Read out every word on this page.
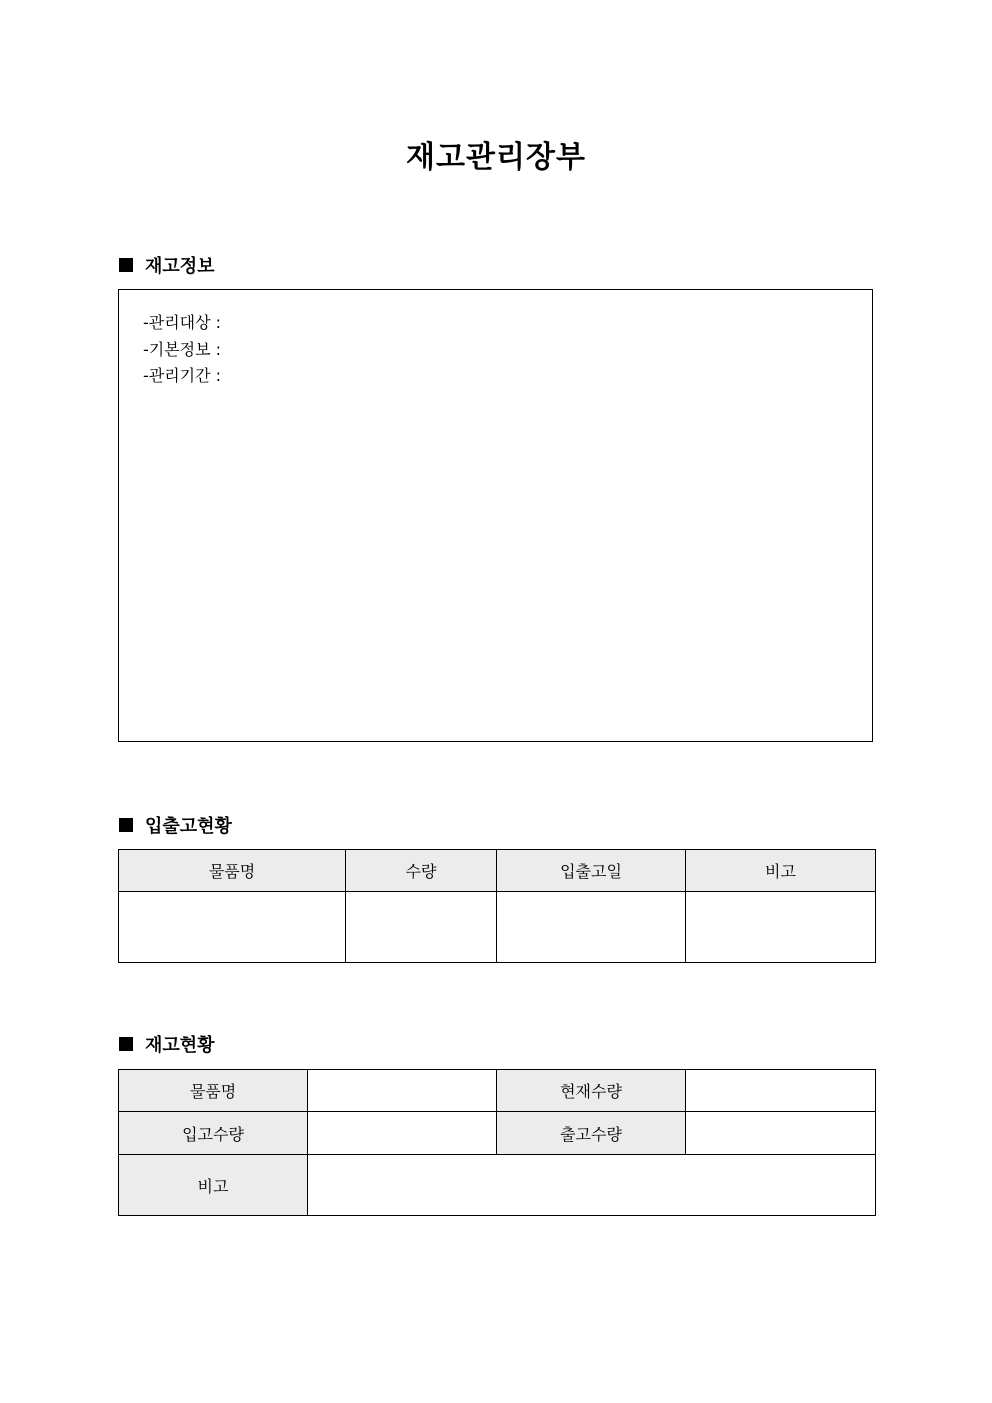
재고관리장부
재고정보
-관리대상 :
-기본정보 :
-관리기간 :
입출고현황
물품명	수량	입출고일	비고

재고현황
물품명		현재수량	
입고수량		출고수량	
비고			
